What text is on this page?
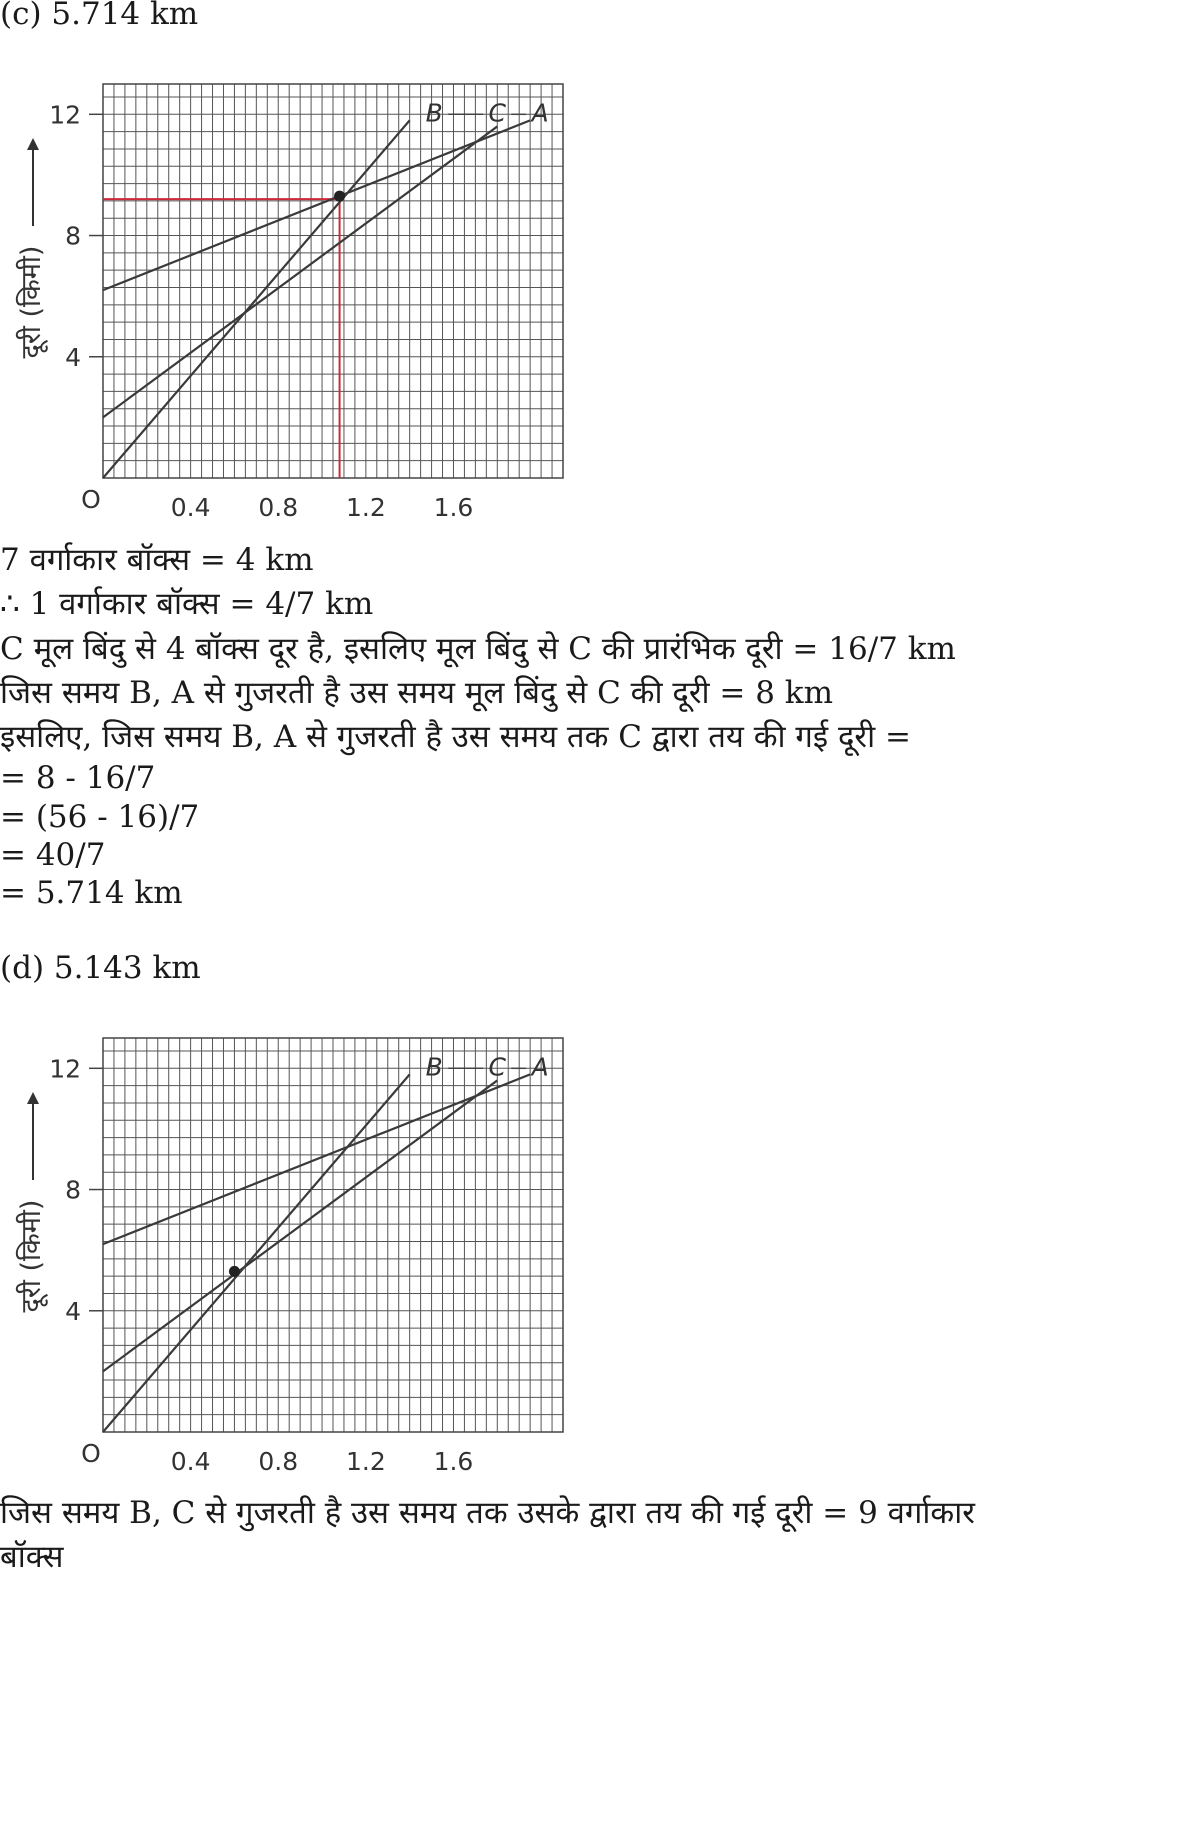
(c) 5.714 km
4
8
12
0.4 0.8 1.2 1.6
O
दूरी (किमी)
B C A
7 वर्गाकार बॉक्स = 4 km
∴ 1 वर्गाकार बॉक्स = 4/7 km
C मूल बिंदु से 4 बॉक्स दूर है, इसलिए मूल बिंदु से C की प्रारंभिक दूरी = 16/7 km
जिस समय B, A से गुजरती है उस समय मूल बिंदु से C की दूरी = 8 km
इसलिए, जिस समय B, A से गुजरती है उस समय तक C द्वारा तय की गई दूरी =
= 8 - 16/7
= (56 - 16)/7
= 40/7
= 5.714 km
(d) 5.143 km
4
8
12
0.4 0.8 1.2 1.6
O
दूरी (किमी)
B C A
जिस समय B, C से गुजरती है उस समय तक उसके द्वारा तय की गई दूरी = 9 वर्गाकार
बॉक्स
